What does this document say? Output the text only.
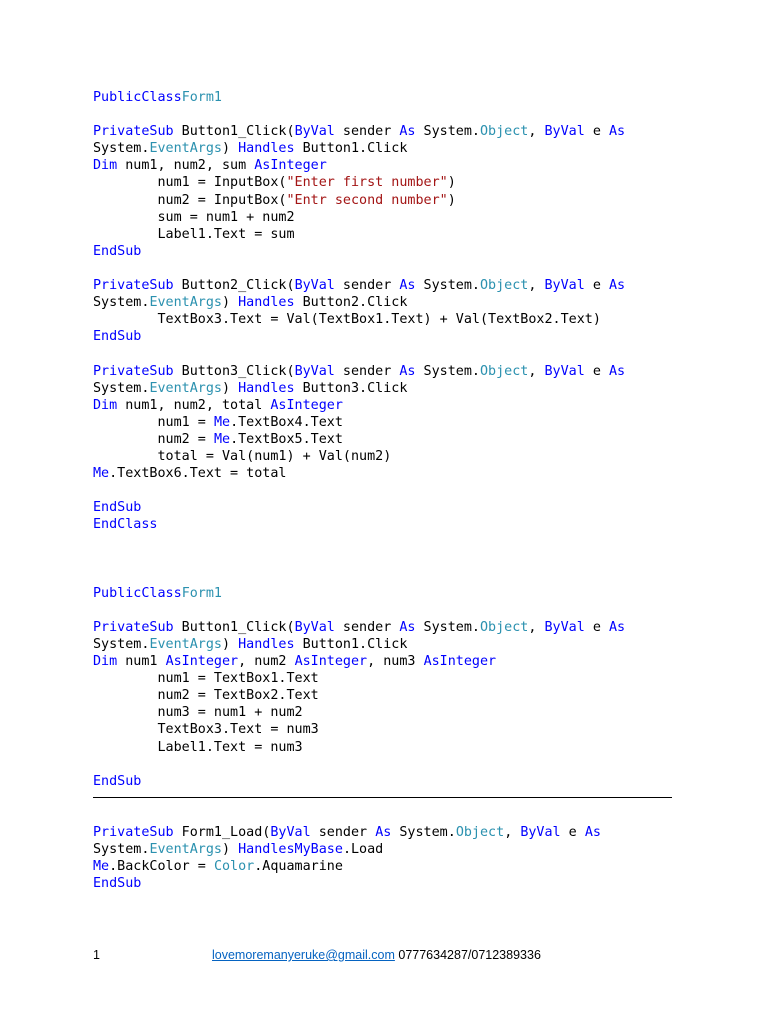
PublicClassForm1
PrivateSub Button1_Click(ByVal sender As System.Object, ByVal e As
System.EventArgs) Handles Button1.Click
Dim num1, num2, sum AsInteger
num1 = InputBox("Enter first number")
num2 = InputBox("Entr second number")
sum = num1 + num2
Label1.Text = sum
EndSub
PrivateSub Button2_Click(ByVal sender As System.Object, ByVal e As
System.EventArgs) Handles Button2.Click
TextBox3.Text = Val(TextBox1.Text) + Val(TextBox2.Text)
EndSub
PrivateSub Button3_Click(ByVal sender As System.Object, ByVal e As
System.EventArgs) Handles Button3.Click
Dim num1, num2, total AsInteger
num1 = Me.TextBox4.Text
num2 = Me.TextBox5.Text
total = Val(num1) + Val(num2)
Me.TextBox6.Text = total
EndSub
EndClass
PublicClassForm1
PrivateSub Button1_Click(ByVal sender As System.Object, ByVal e As
System.EventArgs) Handles Button1.Click
Dim num1 AsInteger, num2 AsInteger, num3 AsInteger
num1 = TextBox1.Text
num2 = TextBox2.Text
num3 = num1 + num2
TextBox3.Text = num3
Label1.Text = num3
EndSub
PrivateSub Form1_Load(ByVal sender As System.Object, ByVal e As
System.EventArgs) HandlesMyBase.Load
Me.BackColor = Color.Aquamarine
EndSub
1	lovemoremanyeruke@gmail.com 0777634287/0712389336
